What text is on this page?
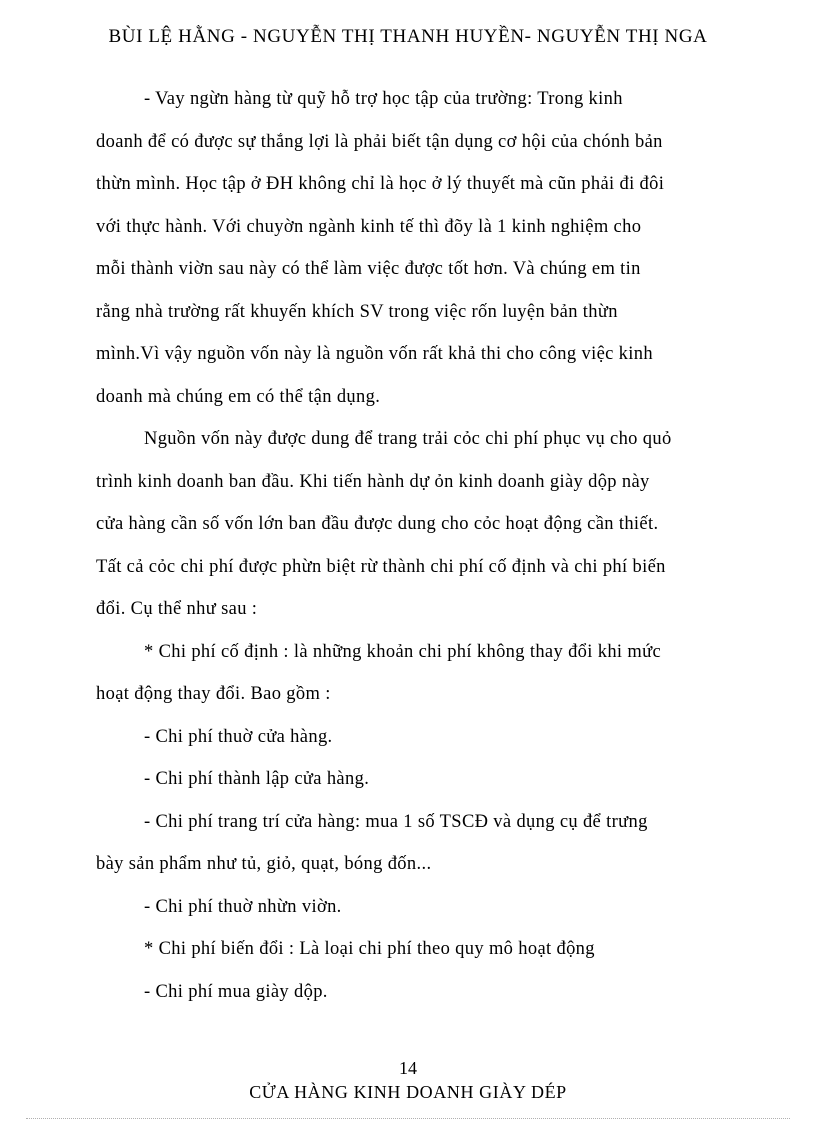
BÙI LỆ HẰNG - NGUYỄN THỊ THANH HUYỀN- NGUYỄN THỊ NGA
- Vay ngừn hàng từ quỹ hỗ trợ học tập của trường: Trong kinh
doanh để có được sự thắng lợi là phải biết tận dụng cơ hội của chónh bản
thừn mình. Học tập ở ĐH không chỉ là học ở lý thuyết mà cũn phải đi đôi
với thực hành. Với chuyờn ngành kinh tế thì đõy là 1 kinh nghiệm cho
mỗi thành viờn sau này có thể làm việc được tốt hơn. Và chúng em tin
rằng nhà trường rất khuyến khích SV trong việc rốn luyện bản thừn
mình.Vì vậy nguồn vốn này là nguồn vốn rất khả thi cho công việc kinh
doanh mà chúng em có thể tận dụng.
Nguồn vốn này được dung để trang trải cỏc chi phí phục vụ cho quỏ
trình kinh doanh ban đầu. Khi tiến hành dự ỏn kinh doanh giày dộp này
cửa hàng cần số vốn lớn ban đầu được dung cho cỏc hoạt động cần thiết.
Tất cả cỏc chi phí được phừn biệt rừ thành chi phí cố định và chi phí biến
đổi. Cụ thể như sau :
* Chi phí cố định : là những khoản chi phí không thay đổi khi mức
hoạt động thay đổi. Bao gồm :
- Chi phí thuờ cửa hàng.
- Chi phí thành lập cửa hàng.
- Chi phí trang trí cửa hàng: mua 1 số TSCĐ và dụng cụ để trưng
bày sản phẩm như tủ, giỏ, quạt, bóng đốn...
- Chi phí thuờ nhừn viờn.
* Chi phí biến đổi : Là loại chi phí theo quy mô hoạt động
- Chi phí mua giày dộp.
14
CỬA HÀNG KINH DOANH GIÀY DÉP
